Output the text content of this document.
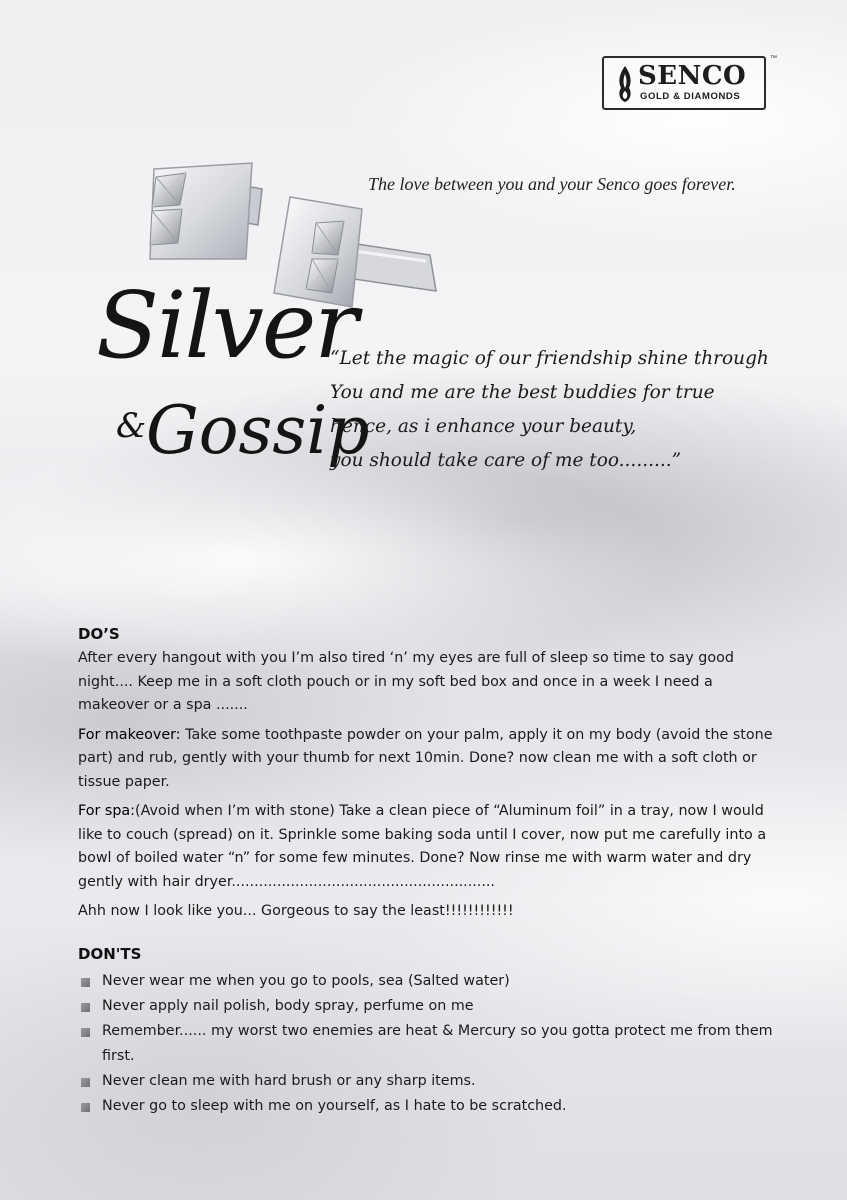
SENCO
GOLD & DIAMONDS
™
The love between you and your Senco goes forever.
Silver
& Gossip
“Let the magic of our friendship shine through
You and me are the best buddies for true
hence, as i enhance your beauty,
you should take care of me too.........”
DO’S

After every hangout with you I’m also tired ‘n’ my eyes are full of sleep so time to say good night.... Keep me in a soft cloth pouch or in my soft bed box and once in a week I need a makeover or a spa .......

For makeover: Take some toothpaste powder on your palm, apply it on my body (avoid the stone part) and rub, gently with your thumb for next 10min. Done? now clean me with a soft cloth or tissue paper.

For spa:(Avoid when I’m with stone) Take a clean piece of “Aluminum foil” in a tray, now I would like to couch (spread) on it. Sprinkle some baking soda until I cover, now put me carefully into a bowl of boiled water “n” for some few minutes. Done? Now rinse me with warm water and dry gently with hair dryer..........................................................

Ahh now I look like you... Gorgeous to say the least!!!!!!!!!!!!

DON'TS
Never wear me when you go to pools, sea (Salted water)
Never apply nail polish, body spray, perfume on me
Remember...... my worst two enemies are heat & Mercury so you gotta protect me from them first.
Never clean me with hard brush or any sharp items.
Never go to sleep with me on yourself, as I hate to be scratched.
